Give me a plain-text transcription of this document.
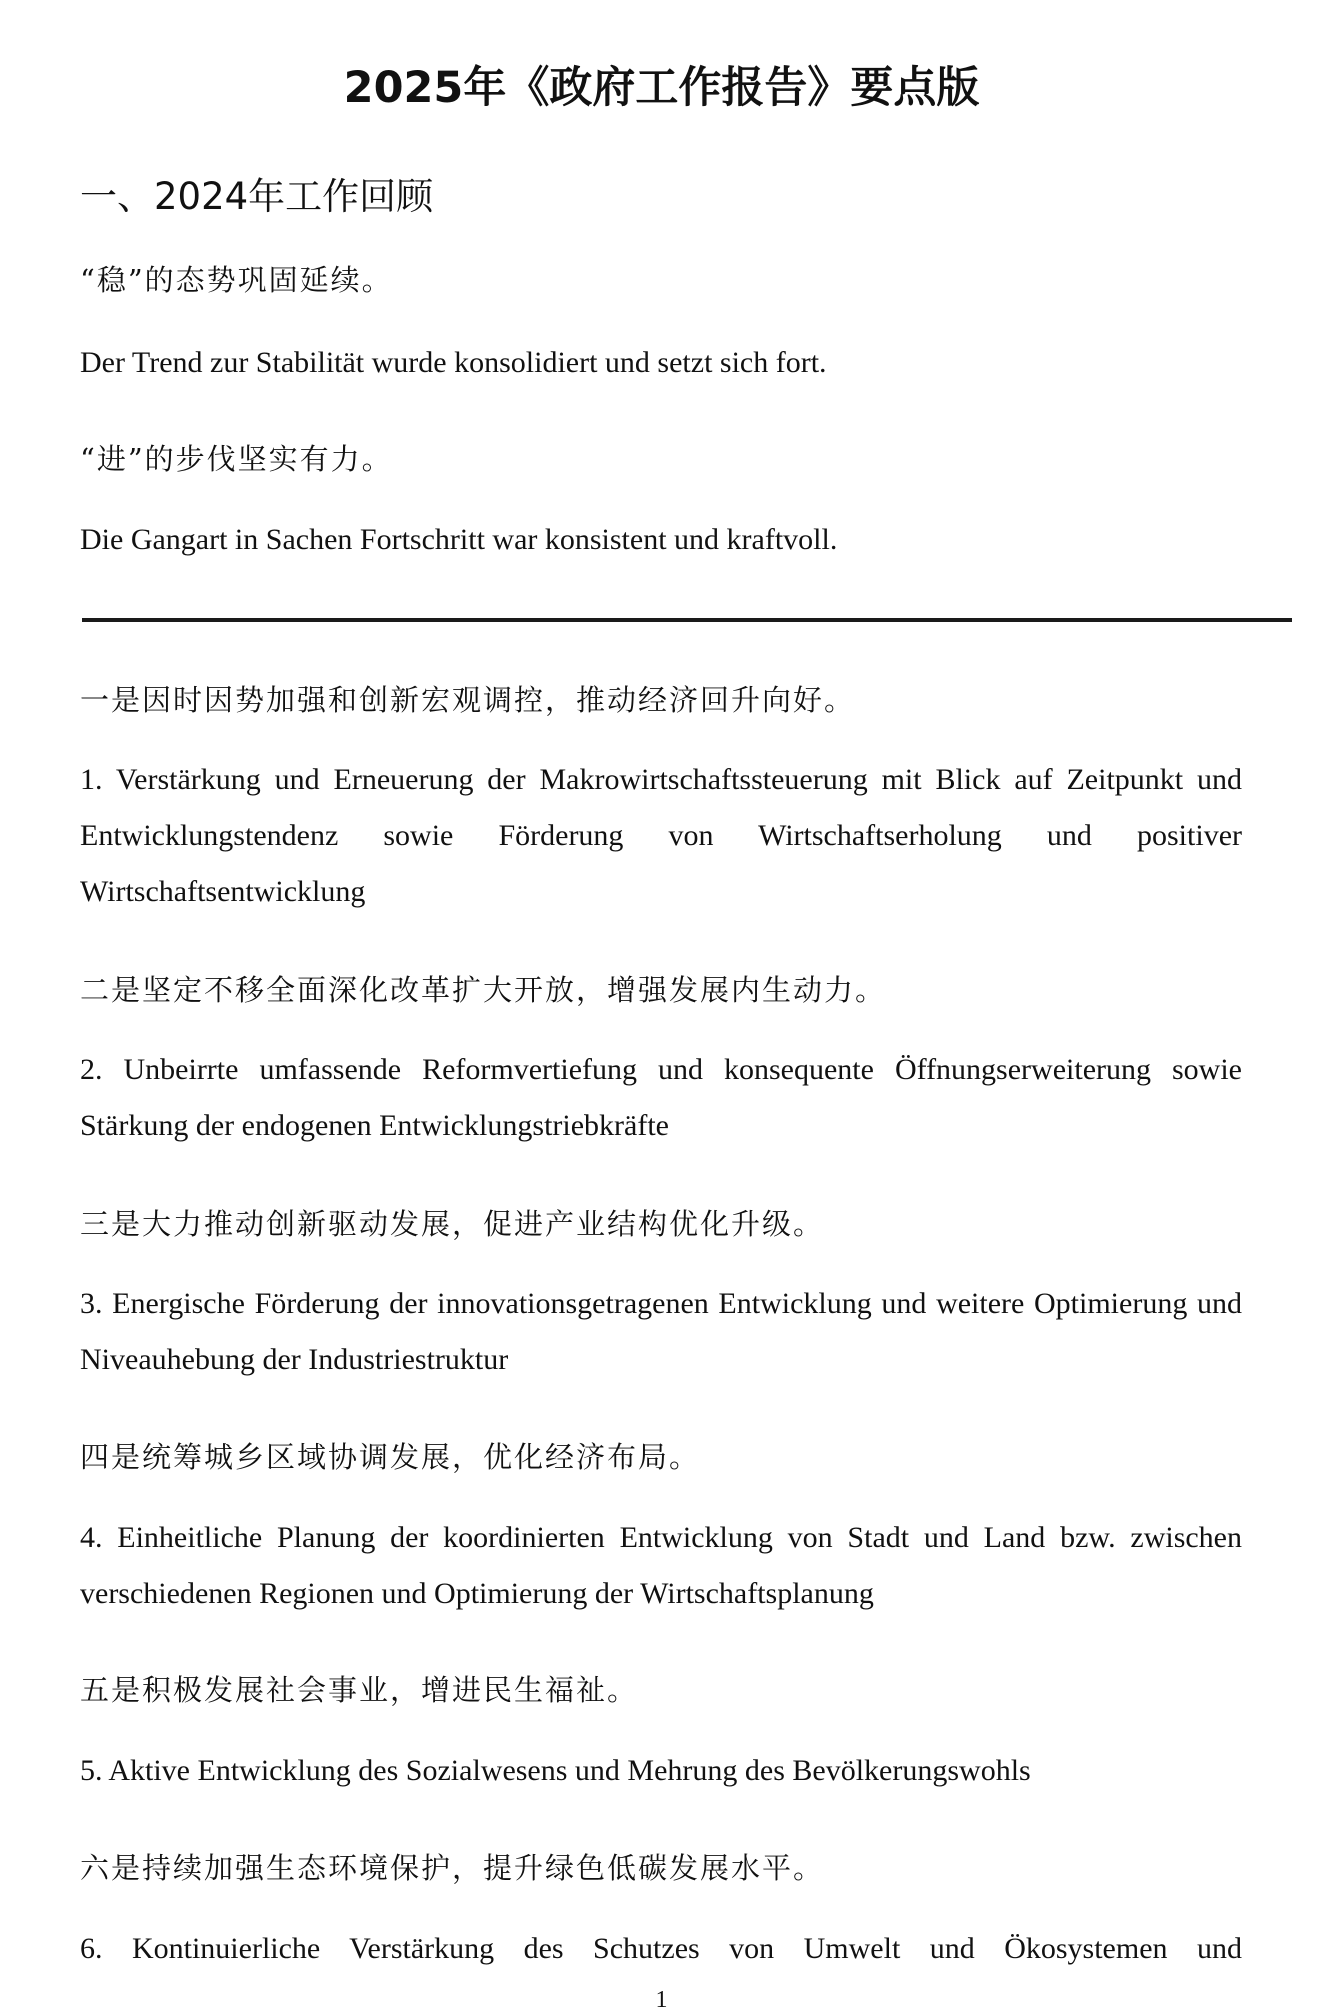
2025年《政府工作报告》要点版
一、2024年工作回顾

“稳”的态势巩固延续。

Der Trend zur Stabilität wurde konsolidiert und setzt sich fort.

“进”的步伐坚实有力。

Die Gangart in Sachen Fortschritt war konsistent und kraftvoll.

一是因时因势加强和创新宏观调控，推动经济回升向好。

1. Verstärkung und Erneuerung der Makrowirtschaftssteuerung mit Blick auf Zeitpunkt und Entwicklungstendenz sowie Förderung von Wirtschaftserholung und positiver Wirtschaftsentwicklung

二是坚定不移全面深化改革扩大开放，增强发展内生动力。

2. Unbeirrte umfassende Reformvertiefung und konsequente Öffnungserweiterung sowie Stärkung der endogenen Entwicklungstriebkräfte

三是大力推动创新驱动发展，促进产业结构优化升级。

3. Energische Förderung der innovationsgetragenen Entwicklung und weitere Optimierung und Niveauhebung der Industriestruktur

四是统筹城乡区域协调发展，优化经济布局。

4. Einheitliche Planung der koordinierten Entwicklung von Stadt und Land bzw. zwischen verschiedenen Regionen und Optimierung der Wirtschaftsplanung

五是积极发展社会事业，增进民生福祉。

5. Aktive Entwicklung des Sozialwesens und Mehrung des Bevölkerungswohls

六是持续加强生态环境保护，提升绿色低碳发展水平。

6. Kontinuierliche Verstärkung des Schutzes von Umwelt und Ökosystemen und

1
